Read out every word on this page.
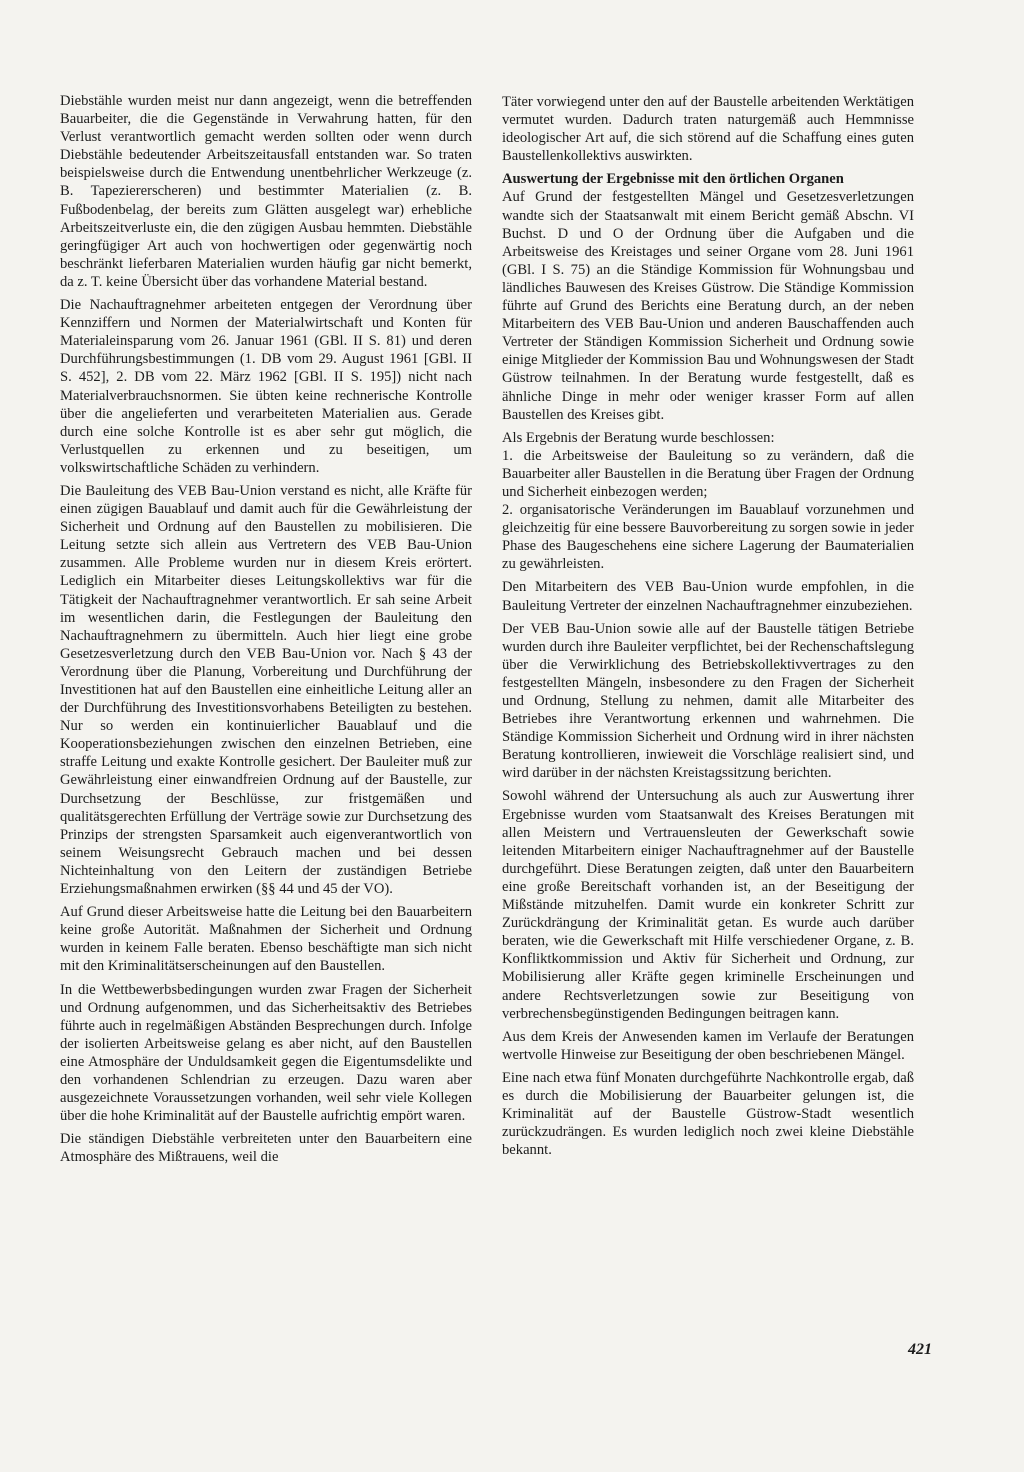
Diebstähle wurden meist nur dann angezeigt, wenn die betreffenden Bauarbeiter, die die Gegenstände in Verwahrung hatten, für den Verlust verantwortlich gemacht werden sollten oder wenn durch Diebstähle bedeutender Arbeitszeitausfall entstanden war. So traten beispielsweise durch die Entwendung unentbehrlicher Werkzeuge (z. B. Tapeziererscheren) und bestimmter Materialien (z. B. Fußbodenbelag, der bereits zum Glätten ausgelegt war) erhebliche Arbeitszeitverluste ein, die den zügigen Ausbau hemmten. Diebstähle geringfügiger Art auch von hochwertigen oder gegenwärtig noch beschränkt lieferbaren Materialien wurden häufig gar nicht bemerkt, da z. T. keine Übersicht über das vorhandene Material bestand.

Die Nachauftragnehmer arbeiteten entgegen der Verordnung über Kennziffern und Normen der Materialwirtschaft und Konten für Materialeinsparung vom 26. Januar 1961 (GBl. II S. 81) und deren Durchführungsbestimmungen (1. DB vom 29. August 1961 [GBl. II S. 452], 2. DB vom 22. März 1962 [GBl. II S. 195]) nicht nach Materialverbrauchsnormen. Sie übten keine rechnerische Kontrolle über die angelieferten und verarbeiteten Materialien aus. Gerade durch eine solche Kontrolle ist es aber sehr gut möglich, die Verlustquellen zu erkennen und zu beseitigen, um volkswirtschaftliche Schäden zu verhindern.

Die Bauleitung des VEB Bau-Union verstand es nicht, alle Kräfte für einen zügigen Bauablauf und damit auch für die Gewährleistung der Sicherheit und Ordnung auf den Baustellen zu mobilisieren. Die Leitung setzte sich allein aus Vertretern des VEB Bau-Union zusammen. Alle Probleme wurden nur in diesem Kreis erörtert. Lediglich ein Mitarbeiter dieses Leitungskollektivs war für die Tätigkeit der Nachauftragnehmer verantwortlich. Er sah seine Arbeit im wesentlichen darin, die Festlegungen der Bauleitung den Nachauftragnehmern zu übermitteln. Auch hier liegt eine grobe Gesetzesverletzung durch den VEB Bau-Union vor. Nach § 43 der Verordnung über die Planung, Vorbereitung und Durchführung der Investitionen hat auf den Baustellen eine einheitliche Leitung aller an der Durchführung des Investitionsvorhabens Beteiligten zu bestehen. Nur so werden ein kontinuierlicher Bauablauf und die Kooperationsbeziehungen zwischen den einzelnen Betrieben, eine straffe Leitung und exakte Kontrolle gesichert. Der Bauleiter muß zur Gewährleistung einer einwandfreien Ordnung auf der Baustelle, zur Durchsetzung der Beschlüsse, zur fristgemäßen und qualitätsgerechten Erfüllung der Verträge sowie zur Durchsetzung des Prinzips der strengsten Sparsamkeit auch eigenverantwortlich von seinem Weisungsrecht Gebrauch machen und bei dessen Nichteinhaltung von den Leitern der zuständigen Betriebe Erziehungsmaßnahmen erwirken (§§ 44 und 45 der VO).

Auf Grund dieser Arbeitsweise hatte die Leitung bei den Bauarbeitern keine große Autorität. Maßnahmen der Sicherheit und Ordnung wurden in keinem Falle beraten. Ebenso beschäftigte man sich nicht mit den Kriminalitätserscheinungen auf den Baustellen.

In die Wettbewerbsbedingungen wurden zwar Fragen der Sicherheit und Ordnung aufgenommen, und das Sicherheitsaktiv des Betriebes führte auch in regelmäßigen Abständen Besprechungen durch. Infolge der isolierten Arbeitsweise gelang es aber nicht, auf den Baustellen eine Atmosphäre der Unduldsamkeit gegen die Eigentumsdelikte und den vorhandenen Schlendrian zu erzeugen. Dazu waren aber ausgezeichnete Voraussetzungen vorhanden, weil sehr viele Kollegen über die hohe Kriminalität auf der Baustelle aufrichtig empört waren.

Die ständigen Diebstähle verbreiteten unter den Bauarbeitern eine Atmosphäre des Mißtrauens, weil die

Täter vorwiegend unter den auf der Baustelle arbeitenden Werktätigen vermutet wurden. Dadurch traten naturgemäß auch Hemmnisse ideologischer Art auf, die sich störend auf die Schaffung eines guten Baustellenkollektivs auswirkten.

Auswertung der Ergebnisse mit den örtlichen Organen

Auf Grund der festgestellten Mängel und Gesetzesverletzungen wandte sich der Staatsanwalt mit einem Bericht gemäß Abschn. VI Buchst. D und O der Ordnung über die Aufgaben und die Arbeitsweise des Kreistages und seiner Organe vom 28. Juni 1961 (GBl. I S. 75) an die Ständige Kommission für Wohnungsbau und ländliches Bauwesen des Kreises Güstrow. Die Ständige Kommission führte auf Grund des Berichts eine Beratung durch, an der neben Mitarbeitern des VEB Bau-Union und anderen Bauschaffenden auch Vertreter der Ständigen Kommission Sicherheit und Ordnung sowie einige Mitglieder der Kommission Bau und Wohnungswesen der Stadt Güstrow teilnahmen. In der Beratung wurde festgestellt, daß es ähnliche Dinge in mehr oder weniger krasser Form auf allen Baustellen des Kreises gibt.

Als Ergebnis der Beratung wurde beschlossen:

1. die Arbeitsweise der Bauleitung so zu verändern, daß die Bauarbeiter aller Baustellen in die Beratung über Fragen der Ordnung und Sicherheit einbezogen werden;

2. organisatorische Veränderungen im Bauablauf vorzunehmen und gleichzeitig für eine bessere Bauvorbereitung zu sorgen sowie in jeder Phase des Baugeschehens eine sichere Lagerung der Baumaterialien zu gewährleisten.

Den Mitarbeitern des VEB Bau-Union wurde empfohlen, in die Bauleitung Vertreter der einzelnen Nachauftragnehmer einzubeziehen.

Der VEB Bau-Union sowie alle auf der Baustelle tätigen Betriebe wurden durch ihre Bauleiter verpflichtet, bei der Rechenschaftslegung über die Verwirklichung des Betriebskollektivvertrages zu den festgestellten Mängeln, insbesondere zu den Fragen der Sicherheit und Ordnung, Stellung zu nehmen, damit alle Mitarbeiter des Betriebes ihre Verantwortung erkennen und wahrnehmen. Die Ständige Kommission Sicherheit und Ordnung wird in ihrer nächsten Beratung kontrollieren, inwieweit die Vorschläge realisiert sind, und wird darüber in der nächsten Kreistagssitzung berichten.

Sowohl während der Untersuchung als auch zur Auswertung ihrer Ergebnisse wurden vom Staatsanwalt des Kreises Beratungen mit allen Meistern und Vertrauensleuten der Gewerkschaft sowie leitenden Mitarbeitern einiger Nachauftragnehmer auf der Baustelle durchgeführt. Diese Beratungen zeigten, daß unter den Bauarbeitern eine große Bereitschaft vorhanden ist, an der Beseitigung der Mißstände mitzuhelfen. Damit wurde ein konkreter Schritt zur Zurückdrängung der Kriminalität getan. Es wurde auch darüber beraten, wie die Gewerkschaft mit Hilfe verschiedener Organe, z. B. Konfliktkommission und Aktiv für Sicherheit und Ordnung, zur Mobilisierung aller Kräfte gegen kriminelle Erscheinungen und andere Rechtsverletzungen sowie zur Beseitigung von verbrechensbegünstigenden Bedingungen beitragen kann.

Aus dem Kreis der Anwesenden kamen im Verlaufe der Beratungen wertvolle Hinweise zur Beseitigung der oben beschriebenen Mängel.

Eine nach etwa fünf Monaten durchgeführte Nachkontrolle ergab, daß es durch die Mobilisierung der Bauarbeiter gelungen ist, die Kriminalität auf der Baustelle Güstrow-Stadt wesentlich zurückzudrängen. Es wurden lediglich noch zwei kleine Diebstähle bekannt.

421
